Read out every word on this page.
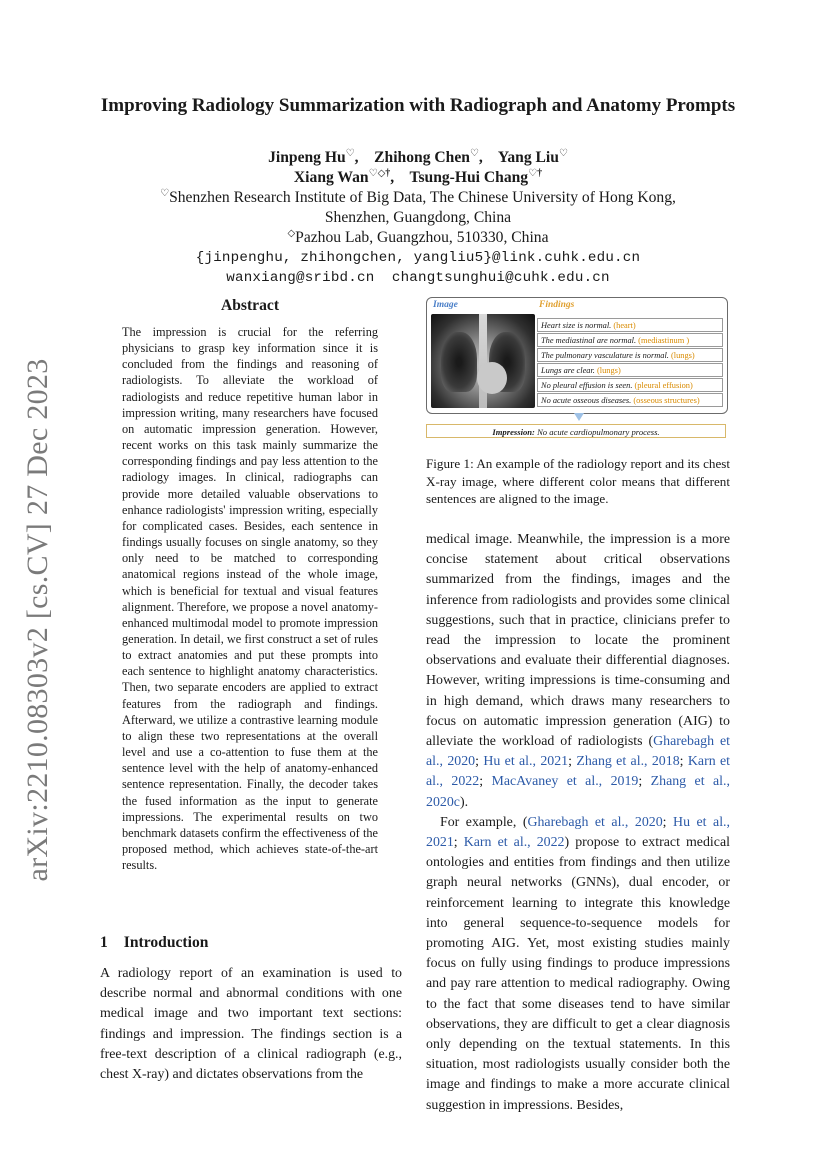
arXiv:2210.08303v2 [cs.CV] 27 Dec 2023
Improving Radiology Summarization with Radiograph and Anatomy Prompts
Jinpeng Hu♡,    Zhihong Chen♡,    Yang Liu♡
Xiang Wan♡◇†,    Tsung-Hui Chang♡†
♡Shenzhen Research Institute of Big Data, The Chinese University of Hong Kong,
Shenzhen, Guangdong, China
◇Pazhou Lab, Guangzhou, 510330, China
{jinpenghu, zhihongchen, yangliu5}@link.cuhk.edu.cn
wanxiang@sribd.cn changtsunghui@cuhk.edu.cn
Abstract
The impression is crucial for the referring physicians to grasp key information since it is concluded from the findings and reasoning of radiologists. To alleviate the workload of radiologists and reduce repetitive human labor in impression writing, many researchers have focused on automatic impression generation. However, recent works on this task mainly summarize the corresponding findings and pay less attention to the radiology images. In clinical, radiographs can provide more detailed valuable observations to enhance radiologists' impression writing, especially for complicated cases. Besides, each sentence in findings usually focuses on single anatomy, so they only need to be matched to corresponding anatomical regions instead of the whole image, which is beneficial for textual and visual features alignment. Therefore, we propose a novel anatomy-enhanced multimodal model to promote impression generation. In detail, we first construct a set of rules to extract anatomies and put these prompts into each sentence to highlight anatomy characteristics. Then, two separate encoders are applied to extract features from the radiograph and findings. Afterward, we utilize a contrastive learning module to align these two representations at the overall level and use a co-attention to fuse them at the sentence level with the help of anatomy-enhanced sentence representation. Finally, the decoder takes the fused information as the input to generate impressions. The experimental results on two benchmark datasets confirm the effectiveness of the proposed method, which achieves state-of-the-art results.
1 Introduction
A radiology report of an examination is used to describe normal and abnormal conditions with one medical image and two important text sections: findings and impression. The findings section is a free-text description of a clinical radiograph (e.g., chest X-ray) and dictates observations from the
Image	Findings
Heart size is normal. (heart)
The mediastinal are normal. (mediastinum )
The pulmonary vasculature is normal. (lungs)
Lungs are clear. (lungs)
No pleural effusion is seen. (pleural effusion)
No acute osseous diseases. (osseous structures)
Impression: No acute cardiopulmonary process.
Figure 1: An example of the radiology report and its chest X-ray image, where different color means that different sentences are aligned to the image.

medical image. Meanwhile, the impression is a more concise statement about critical observations summarized from the findings, images and the inference from radiologists and provides some clinical suggestions, such that in practice, clinicians prefer to read the impression to locate the prominent observations and evaluate their differential diagnoses. However, writing impressions is time-consuming and in high demand, which draws many researchers to focus on automatic impression generation (AIG) to alleviate the workload of radiologists (Gharebagh et al., 2020; Hu et al., 2021; Zhang et al., 2018; Karn et al., 2022; MacAvaney et al., 2019; Zhang et al., 2020c).

For example, (Gharebagh et al., 2020; Hu et al., 2021; Karn et al., 2022) propose to extract medical ontologies and entities from findings and then utilize graph neural networks (GNNs), dual encoder, or reinforcement learning to integrate this knowledge into general sequence-to-sequence models for promoting AIG. Yet, most existing studies mainly focus on fully using findings to produce impressions and pay rare attention to medical radiography. Owing to the fact that some diseases tend to have similar observations, they are difficult to get a clear diagnosis only depending on the textual statements. In this situation, most radiologists usually consider both the image and findings to make a more accurate clinical suggestion in impressions. Besides,
